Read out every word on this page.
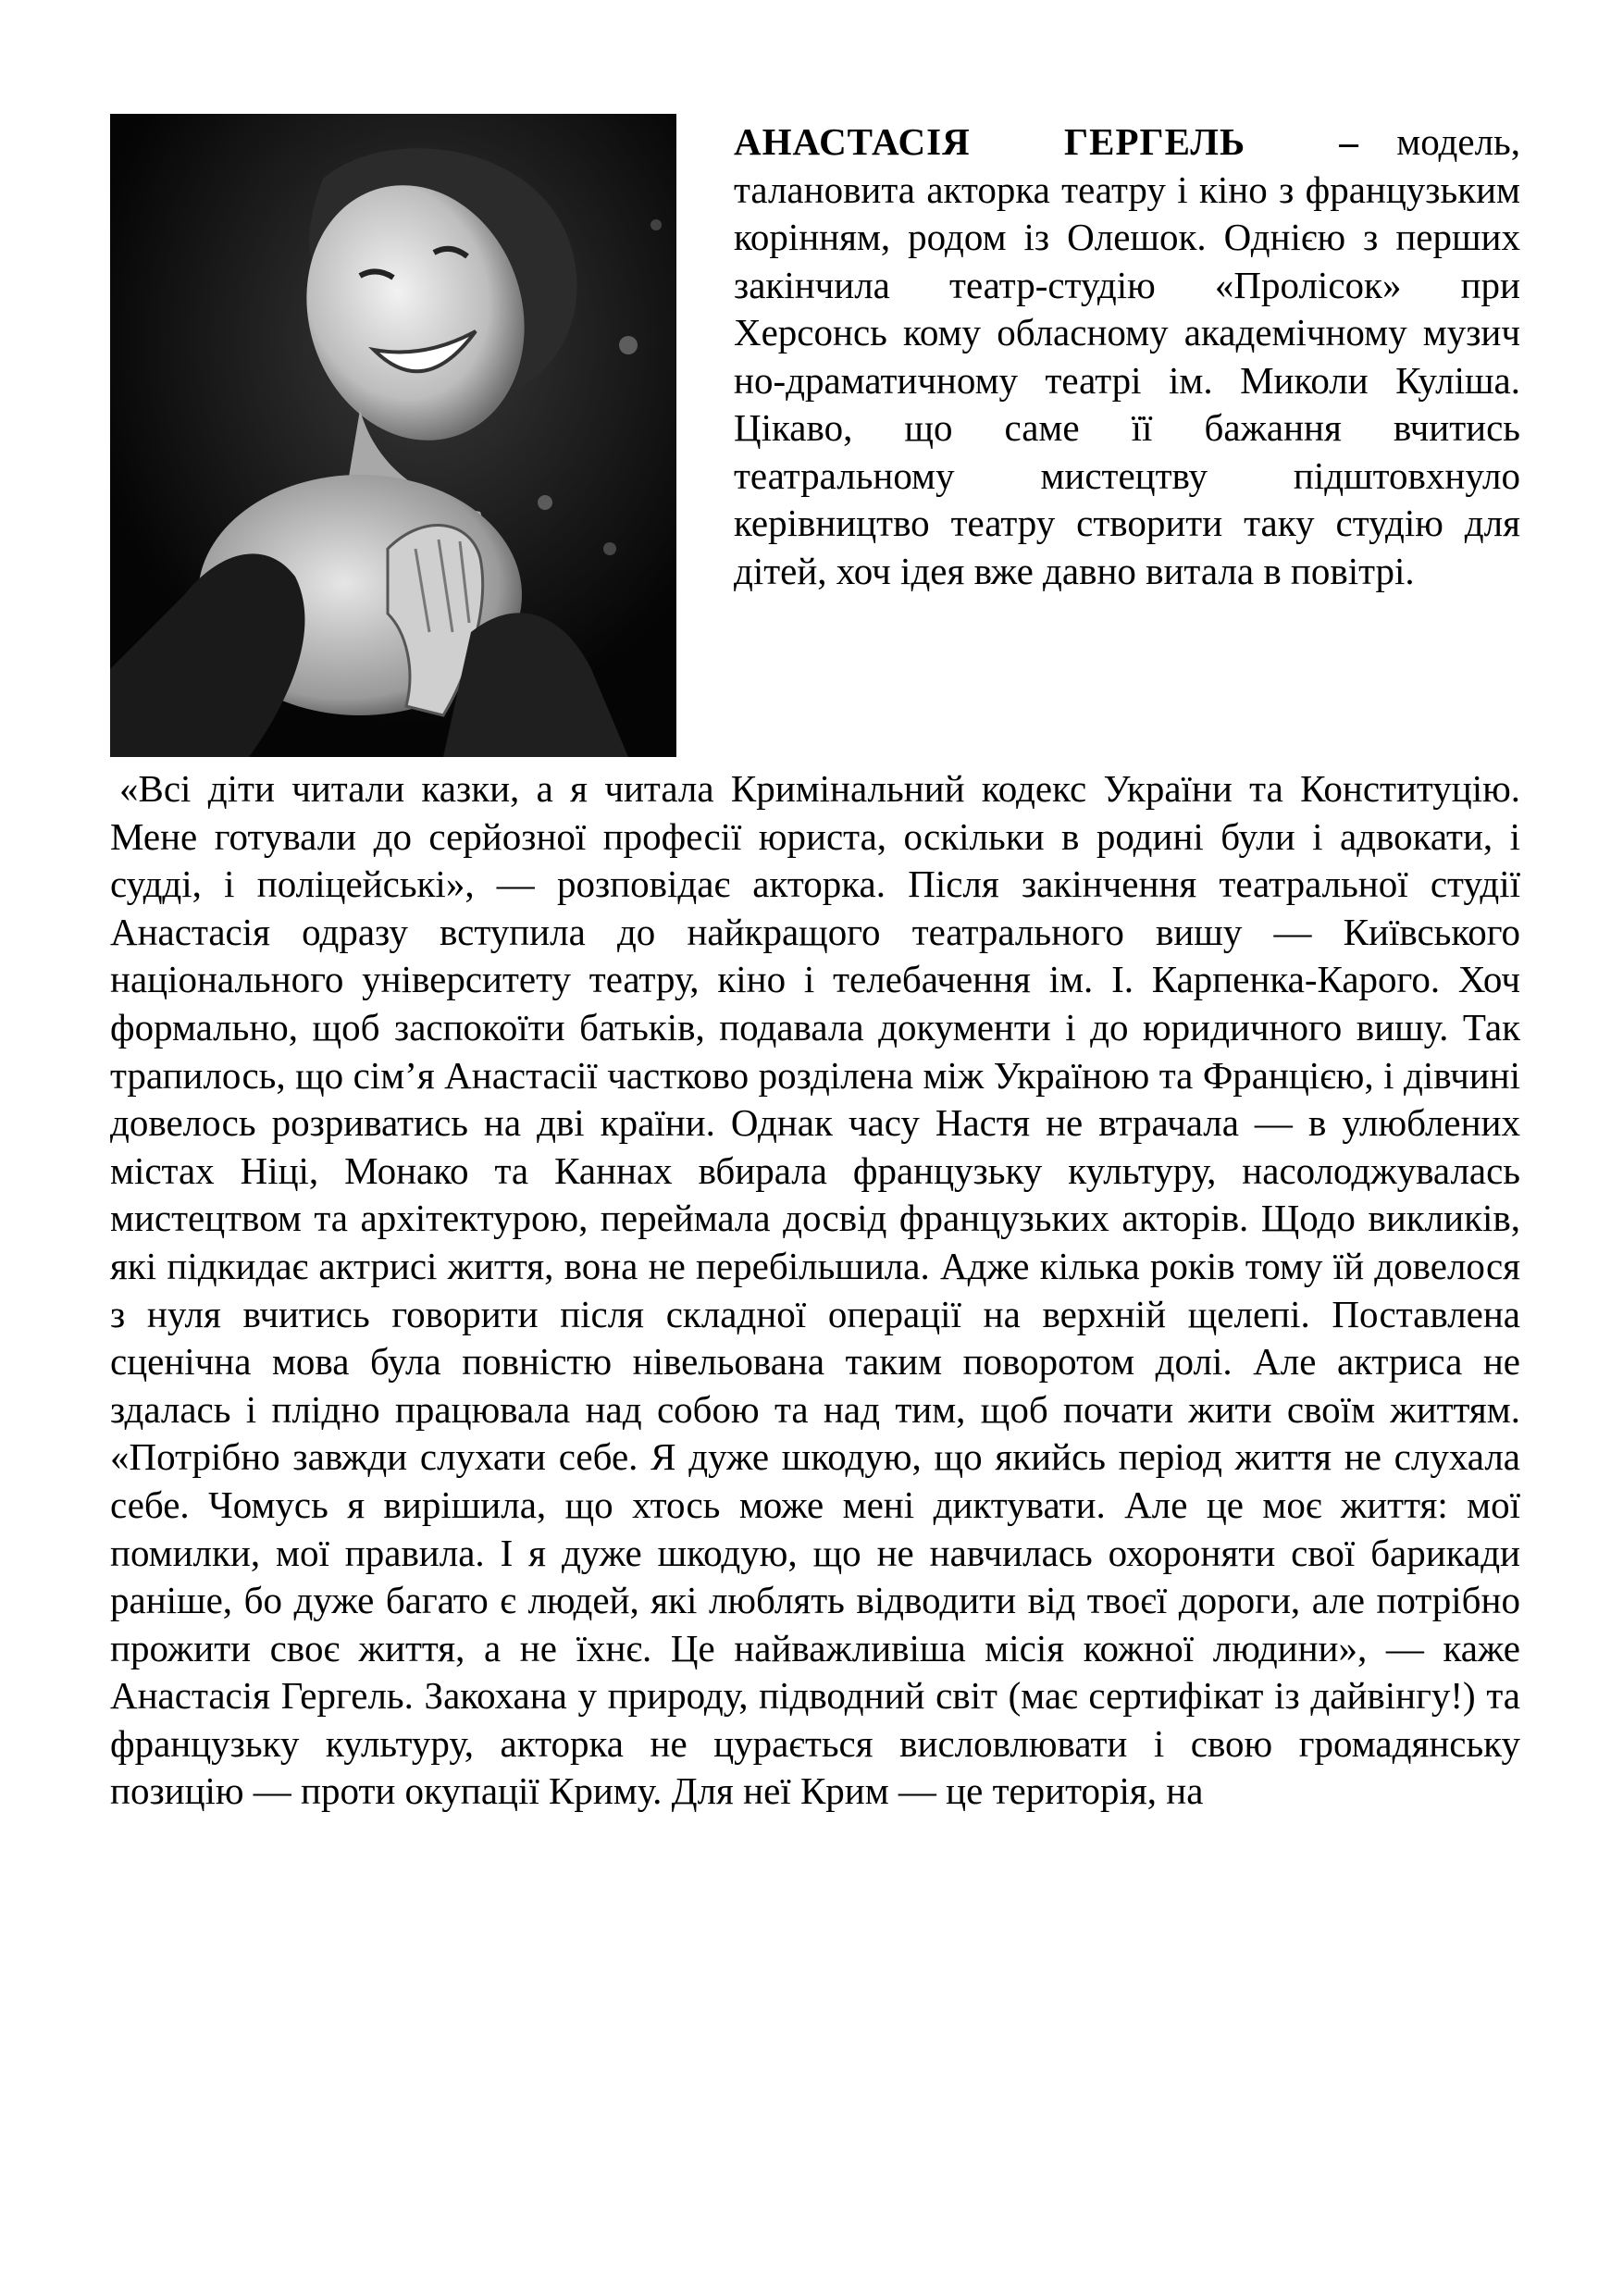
АНАСТАСІЯ ГЕРГЕЛЬ – модель, талановита акторка театру і кіно з французьким корінням, родом із Олешок. Однією з перших закінчила театр-студію «Пролісок» при Херсонсь кому обласному академічному музич но-драматичному театрі ім. Миколи Куліша. Цікаво, що саме її бажання вчитись театральному мистецтву підштовхнуло керівництво театру створити таку студію для дітей, хоч ідея вже давно витала в повітрі.

«Всі діти читали казки, а я читала Кримінальний кодекс України та Конституцію. Мене готували до серйозної професії юриста, оскільки в родині були і адвокати, і судді, і поліцейські», — розповідає акторка. Після закінчення театральної студії Анастасія одразу вступила до найкращого театрального вишу — Київського національного університету театру, кіно і телебачення ім. І. Карпенка-Карого. Хоч формально, щоб заспокоїти батьків, подавала документи і до юридичного вишу. Так трапилось, що сім’я Анастасії частково розділена між Україною та Францією, і дівчині довелось розриватись на дві країни. Однак часу Настя не втрачала — в улюблених містах Ніці, Монако та Каннах вбирала французьку культуру, насолоджувалась мистецтвом та архітектурою, переймала досвід французьких акторів. Щодо викликів, які підкидає актрисі життя, вона не перебільшила. Адже кілька років тому їй довелося з нуля вчитись говорити після складної операції на верхній щелепі. Поставлена сценічна мова була повністю нівельована таким поворотом долі. Але актриса не здалась і плідно працювала над собою та над тим, щоб почати жити своїм життям. «Потрібно завжди слухати себе. Я дуже шкодую, що якийсь період життя не слухала себе. Чомусь я вирішила, що хтось може мені диктувати. Але це моє життя: мої помилки, мої правила. І я дуже шкодую, що не навчилась охороняти свої барикади раніше, бо дуже багато є людей, які люблять відводити від твоєї дороги, але потрібно прожити своє життя, а не їхнє. Це найважливіша місія кожної людини», — каже Анастасія Гергель. Закохана у природу, підводний світ (має сертифікат із дайвінгу!) та французьку культуру, акторка не цурається висловлювати і свою громадянську позицію — проти окупації Криму. Для неї Крим — це територія, на
